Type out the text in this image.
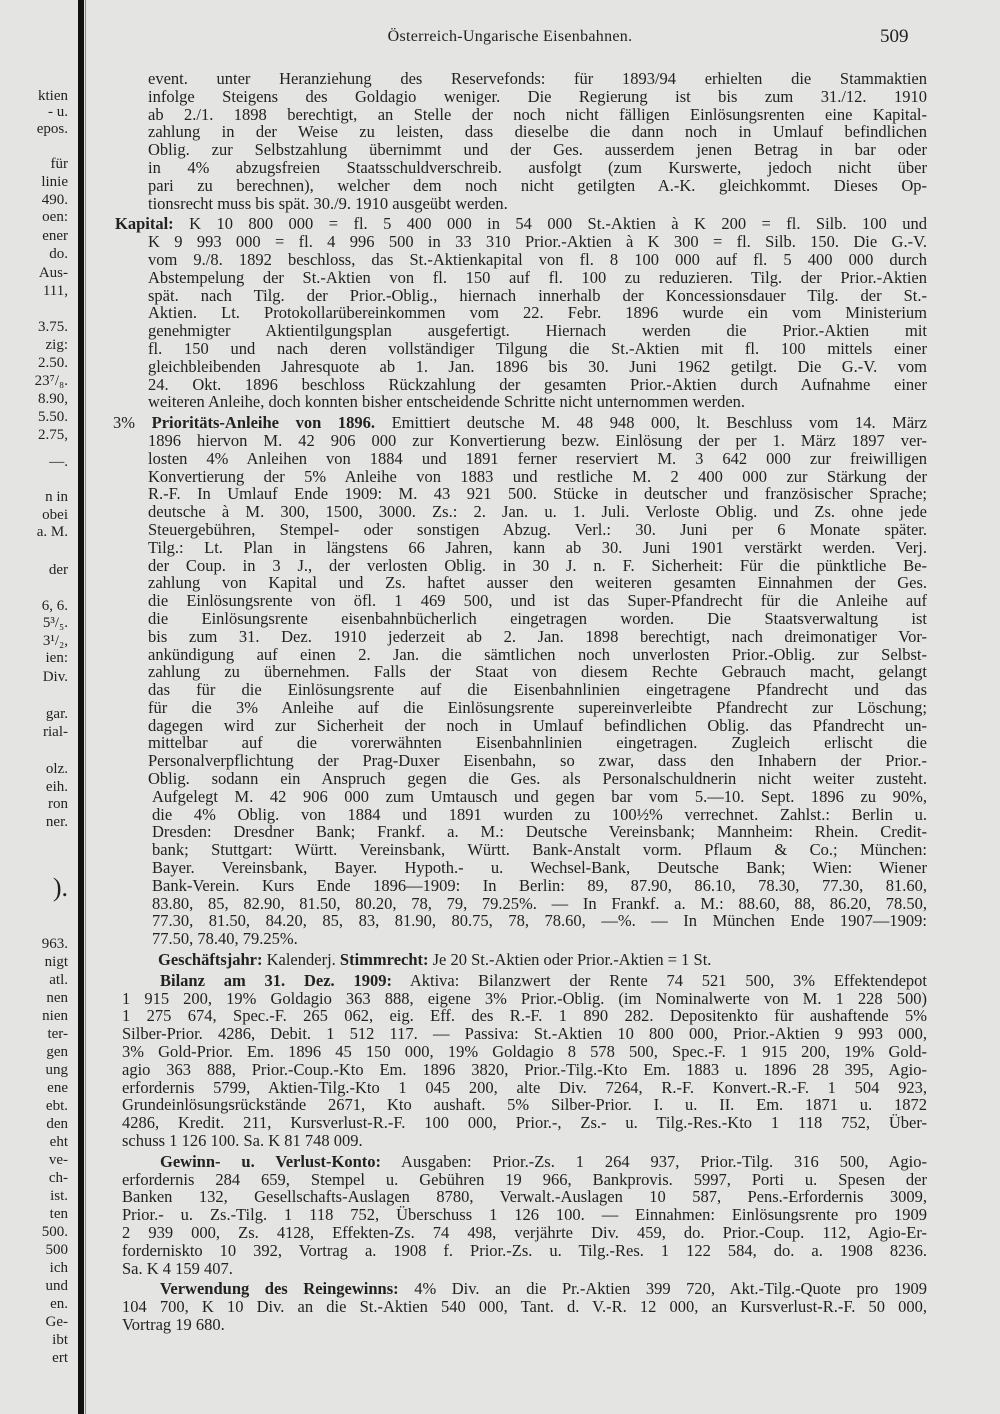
ktien
- u.
epos.
für
linie
490.
oen:
ener
do.
Aus-
111,
3.75.
zig:
2.50.
23⁷/₈.
8.90,
5.50.
2.75,
—.
n in
obei
a. M.
der
6, 6.
5³/₅.
3¹/₂,
ien:
Div.
gar.
rial-
olz.
eih.
ron
ner.
).
963.
nigt
atl.
nen
nien
ter-
gen
ung
ene
ebt.
den
eht
ve-
ch-
ist.
ten
500.
500
ich
und
en.
Ge-
ibt
ert
Österreich-Ungarische Eisenbahnen.	509
event. unter Heranziehung des Reservefonds: für 1893/94 erhielten die Stammaktien
infolge Steigens des Goldagio weniger. Die Regierung ist bis zum 31./12. 1910
ab 2./1. 1898 berechtigt, an Stelle der noch nicht fälligen Einlösungsrenten eine Kapital-
zahlung in der Weise zu leisten, dass dieselbe die dann noch in Umlauf befindlichen
Oblig. zur Selbstzahlung übernimmt und der Ges. ausserdem jenen Betrag in bar oder
in 4% abzugsfreien Staatsschuldverschreib. ausfolgt (zum Kurswerte, jedoch nicht über
pari zu berechnen), welcher dem noch nicht getilgten A.-K. gleichkommt. Dieses Op-
tionsrecht muss bis spät. 30./9. 1910 ausgeübt werden.
Kapital: K 10 800 000 = fl. 5 400 000 in 54 000 St.-Aktien à K 200 = fl. Silb. 100 und
K 9 993 000 = fl. 4 996 500 in 33 310 Prior.-Aktien à K 300 = fl. Silb. 150. Die G.-V.
vom 9./8. 1892 beschloss, das St.-Aktienkapital von fl. 8 100 000 auf fl. 5 400 000 durch
Abstempelung der St.-Aktien von fl. 150 auf fl. 100 zu reduzieren. Tilg. der Prior.-Aktien
spät. nach Tilg. der Prior.-Oblig., hiernach innerhalb der Koncessionsdauer Tilg. der St.-
Aktien. Lt. Protokollarübereinkommen vom 22. Febr. 1896 wurde ein vom Ministerium
genehmigter Aktientilgungsplan ausgefertigt. Hiernach werden die Prior.-Aktien mit
fl. 150 und nach deren vollständiger Tilgung die St.-Aktien mit fl. 100 mittels einer
gleichbleibenden Jahresquote ab 1. Jan. 1896 bis 30. Juni 1962 getilgt. Die G.-V. vom
24. Okt. 1896 beschloss Rückzahlung der gesamten Prior.-Aktien durch Aufnahme einer
weiteren Anleihe, doch konnten bisher entscheidende Schritte nicht unternommen werden.
3% Prioritäts-Anleihe von 1896. Emittiert deutsche M. 48 948 000, lt. Beschluss vom 14. März
1896 hiervon M. 42 906 000 zur Konvertierung bezw. Einlösung der per 1. März 1897 ver-
losten 4% Anleihen von 1884 und 1891 ferner reserviert M. 3 642 000 zur freiwilligen
Konvertierung der 5% Anleihe von 1883 und restliche M. 2 400 000 zur Stärkung der
R.-F. In Umlauf Ende 1909: M. 43 921 500. Stücke in deutscher und französischer Sprache;
deutsche à M. 300, 1500, 3000. Zs.: 2. Jan. u. 1. Juli. Verloste Oblig. und Zs. ohne jede
Steuergebühren, Stempel- oder sonstigen Abzug. Verl.: 30. Juni per 6 Monate später.
Tilg.: Lt. Plan in längstens 66 Jahren, kann ab 30. Juni 1901 verstärkt werden. Verj.
der Coup. in 3 J., der verlosten Oblig. in 30 J. n. F. Sicherheit: Für die pünktliche Be-
zahlung von Kapital und Zs. haftet ausser den weiteren gesamten Einnahmen der Ges.
die Einlösungsrente von öfl. 1 469 500, und ist das Super-Pfandrecht für die Anleihe auf
die Einlösungsrente eisenbahnbücherlich eingetragen worden. Die Staatsverwaltung ist
bis zum 31. Dez. 1910 jederzeit ab 2. Jan. 1898 berechtigt, nach dreimonatiger Vor-
ankündigung auf einen 2. Jan. die sämtlichen noch unverlosten Prior.-Oblig. zur Selbst-
zahlung zu übernehmen. Falls der Staat von diesem Rechte Gebrauch macht, gelangt
das für die Einlösungsrente auf die Eisenbahnlinien eingetragene Pfandrecht und das
für die 3% Anleihe auf die Einlösungsrente supereinverleibte Pfandrecht zur Löschung;
dagegen wird zur Sicherheit der noch in Umlauf befindlichen Oblig. das Pfandrecht un-
mittelbar auf die vorerwähnten Eisenbahnlinien eingetragen. Zugleich erlischt die
Personalverpflichtung der Prag-Duxer Eisenbahn, so zwar, dass den Inhabern der Prior.-
Oblig. sodann ein Anspruch gegen die Ges. als Personalschuldnerin nicht weiter zusteht.
Aufgelegt M. 42 906 000 zum Umtausch und gegen bar vom 5.—10. Sept. 1896 zu 90%,
die 4% Oblig. von 1884 und 1891 wurden zu 100½% verrechnet. Zahlst.: Berlin u.
Dresden: Dresdner Bank; Frankf. a. M.: Deutsche Vereinsbank; Mannheim: Rhein. Credit-
bank; Stuttgart: Württ. Vereinsbank, Württ. Bank-Anstalt vorm. Pflaum & Co.; München:
Bayer. Vereinsbank, Bayer. Hypoth.- u. Wechsel-Bank, Deutsche Bank; Wien: Wiener
Bank-Verein. Kurs Ende 1896—1909: In Berlin: 89, 87.90, 86.10, 78.30, 77.30, 81.60,
83.80, 85, 82.90, 81.50, 80.20, 78, 79, 79.25%. — In Frankf. a. M.: 88.60, 88, 86.20, 78.50,
77.30, 81.50, 84.20, 85, 83, 81.90, 80.75, 78, 78.60, —%. — In München Ende 1907—1909:
77.50, 78.40, 79.25%.
Geschäftsjahr: Kalenderj. Stimmrecht: Je 20 St.-Aktien oder Prior.-Aktien = 1 St.
Bilanz am 31. Dez. 1909: Aktiva: Bilanzwert der Rente 74 521 500, 3% Effektendepot
1 915 200, 19% Goldagio 363 888, eigene 3% Prior.-Oblig. (im Nominalwerte von M. 1 228 500)
1 275 674, Spec.-F. 265 062, eig. Eff. des R.-F. 1 890 282. Depositenkto für aushaftende 5%
Silber-Prior. 4286, Debit. 1 512 117. — Passiva: St.-Aktien 10 800 000, Prior.-Aktien 9 993 000,
3% Gold-Prior. Em. 1896 45 150 000, 19% Goldagio 8 578 500, Spec.-F. 1 915 200, 19% Gold-
agio 363 888, Prior.-Coup.-Kto Em. 1896 3820, Prior.-Tilg.-Kto Em. 1883 u. 1896 28 395, Agio-
erfordernis 5799, Aktien-Tilg.-Kto 1 045 200, alte Div. 7264, R.-F. Konvert.-R.-F. 1 504 923,
Grundeinlösungsrückstände 2671, Kto aushaft. 5% Silber-Prior. I. u. II. Em. 1871 u. 1872
4286, Kredit. 211, Kursverlust-R.-F. 100 000, Prior.-, Zs.- u. Tilg.-Res.-Kto 1 118 752, Über-
schuss 1 126 100. Sa. K 81 748 009.
Gewinn- u. Verlust-Konto: Ausgaben: Prior.-Zs. 1 264 937, Prior.-Tilg. 316 500, Agio-
erfordernis 284 659, Stempel u. Gebühren 19 966, Bankprovis. 5997, Porti u. Spesen der
Banken 132, Gesellschafts-Auslagen 8780, Verwalt.-Auslagen 10 587, Pens.-Erfordernis 3009,
Prior.- u. Zs.-Tilg. 1 118 752, Überschuss 1 126 100. — Einnahmen: Einlösungsrente pro 1909
2 939 000, Zs. 4128, Effekten-Zs. 74 498, verjährte Div. 459, do. Prior.-Coup. 112, Agio-Er-
forderniskto 10 392, Vortrag a. 1908 f. Prior.-Zs. u. Tilg.-Res. 1 122 584, do. a. 1908 8236.
Sa. K 4 159 407.
Verwendung des Reingewinns: 4% Div. an die Pr.-Aktien 399 720, Akt.-Tilg.-Quote pro 1909
104 700, K 10 Div. an die St.-Aktien 540 000, Tant. d. V.-R. 12 000, an Kursverlust-R.-F. 50 000,
Vortrag 19 680.
